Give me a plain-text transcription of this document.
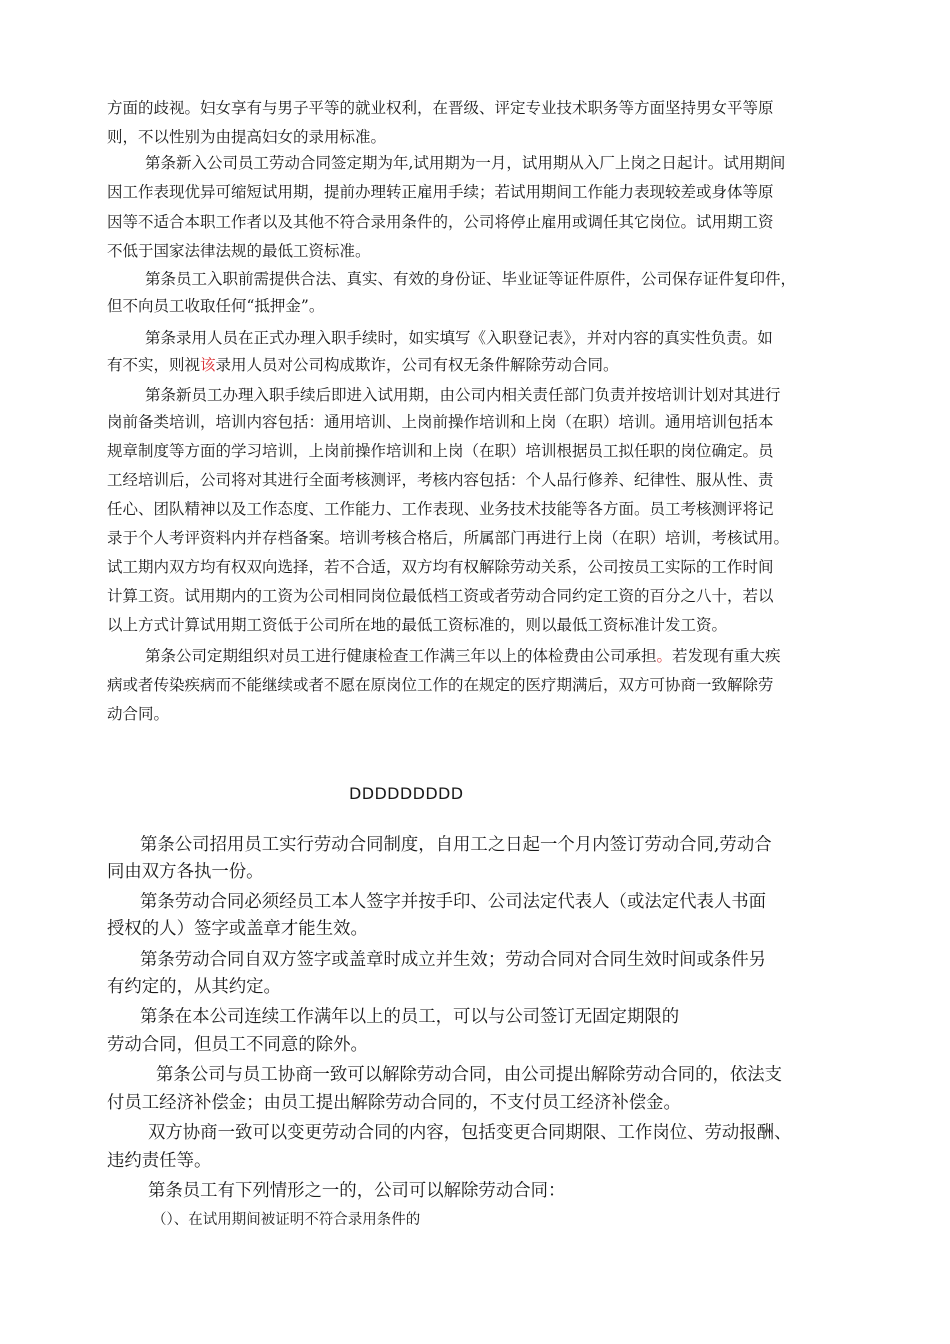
方面的歧视。妇女享有与男子平等的就业权利，在晋级、评定专业技术职务等方面坚持男女平等原
则，不以性别为由提高妇女的录用标准。
第条新入公司员工劳动合同签定期为年,试用期为一月，试用期从入厂上岗之日起计。试用期间
因工作表现优异可缩短试用期，提前办理转正雇用手续；若试用期间工作能力表现较差或身体等原
因等不适合本职工作者以及其他不符合录用条件的，公司将停止雇用或调任其它岗位。试用期工资
不低于国家法律法规的最低工资标准。
第条员工入职前需提供合法、真实、有效的身份证、毕业证等证件原件，公司保存证件复印件，
但不向员工收取任何“抵押金”。
第条录用人员在正式办理入职手续时，如实填写《入职登记表》，并对内容的真实性负责。如
有不实，则视该录用人员对公司构成欺诈，公司有权无条件解除劳动合同。
第条新员工办理入职手续后即进入试用期，由公司内相关责任部门负责并按培训计划对其进行
岗前备类培训，培训内容包括：通用培训、上岗前操作培训和上岗（在职）培训。通用培训包括本
规章制度等方面的学习培训，上岗前操作培训和上岗（在职）培训根据员工拟任职的岗位确定。员
工经培训后，公司将对其进行全面考核测评，考核内容包括：个人品行修养、纪律性、服从性、责
任心、团队精神以及工作态度、工作能力、工作表现、业务技术技能等各方面。员工考核测评将记
录于个人考评资料内并存档备案。培训考核合格后，所属部门再进行上岗（在职）培训，考核试用。
试工期内双方均有权双向选择，若不合适，双方均有权解除劳动关系，公司按员工实际的工作时间
计算工资。试用期内的工资为公司相同岗位最低档工资或者劳动合同约定工资的百分之八十，若以
以上方式计算试用期工资低于公司所在地的最低工资标准的，则以最低工资标准计发工资。
第条公司定期组织对员工进行健康检查工作满三年以上的体检费由公司承担。若发现有重大疾
病或者传染疾病而不能继续或者不愿在原岗位工作的在规定的医疗期满后，双方可协商一致解除劳
动合同。
DDDDDDDDD
第条公司招用员工实行劳动合同制度，自用工之日起一个月内签订劳动合同,劳动合
同由双方各执一份。
第条劳动合同必须经员工本人签字并按手印、公司法定代表人（或法定代表人书面
授权的人）签字或盖章才能生效。
第条劳动合同自双方签字或盖章时成立并生效；劳动合同对合同生效时间或条件另
有约定的，从其约定。
第条在本公司连续工作满年以上的员工，可以与公司签订无固定期限的
劳动合同，但员工不同意的除外。
第条公司与员工协商一致可以解除劳动合同，由公司提出解除劳动合同的，依法支
付员工经济补偿金；由员工提出解除劳动合同的，不支付员工经济补偿金。
双方协商一致可以变更劳动合同的内容，包括变更合同期限、工作岗位、劳动报酬、
违约责任等。
第条员工有下列情形之一的，公司可以解除劳动合同：
（）、在试用期间被证明不符合录用条件的
